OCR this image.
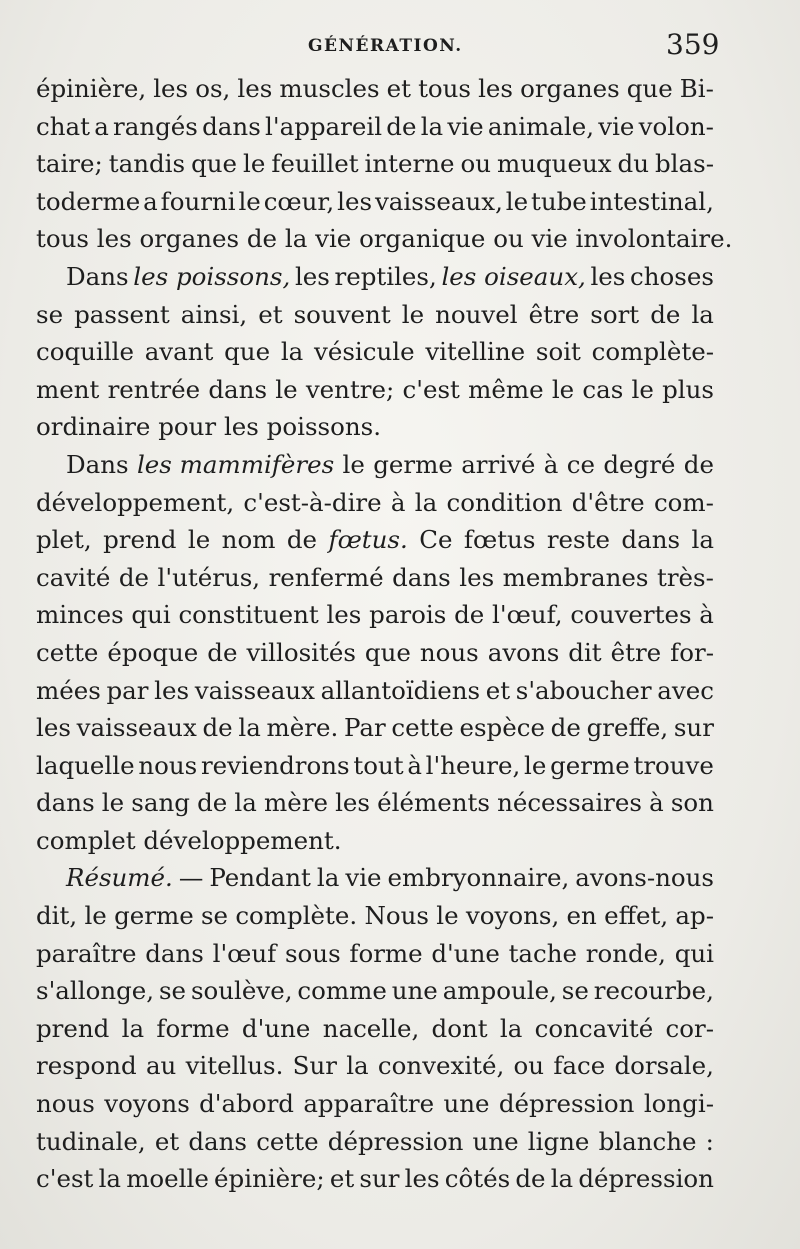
GÉNÉRATION.	359
épinière, les os, les muscles et tous les organes que Bi-
chat a rangés dans l'appareil de la vie animale, vie volon-
taire; tandis que le feuillet interne ou muqueux du blas-
toderme a fourni le cœur, les vaisseaux, le tube intestinal,
tous
les
organes
de
la
vie
organique
ou
vie
involontaire.
Dans les poissons, les reptiles, les oiseaux, les choses
se passent ainsi, et souvent le nouvel être sort de la
coquille avant que la vésicule vitelline soit complète-
ment rentrée dans le ventre; c'est même le cas le plus
ordinaire
pour
les
poissons.
Dans les mammifères le germe arrivé à ce degré de
développement, c'est-à-dire à la condition d'être com-
plet, prend le nom de fœtus. Ce fœtus reste dans la
cavité de l'utérus, renfermé dans les membranes très-
minces qui constituent les parois de l'œuf, couvertes à
cette époque de villosités que nous avons dit être for-
mées par les vaisseaux allantoïdiens et s'aboucher avec
les vaisseaux de la mère. Par cette espèce de greffe, sur
laquelle nous reviendrons tout à l'heure, le germe trouve
dans le sang de la mère les éléments nécessaires à son
complet
développement.
Résumé. — Pendant la vie embryonnaire, avons-nous
dit, le germe se complète. Nous le voyons, en effet, ap-
paraître dans l'œuf sous forme d'une tache ronde, qui
s'allonge, se soulève, comme une ampoule, se recourbe,
prend la forme d'une nacelle, dont la concavité cor-
respond au vitellus. Sur la convexité, ou face dorsale,
nous voyons d'abord apparaître une dépression longi-
tudinale, et dans cette dépression une ligne blanche :
c'est la moelle épinière; et sur les côtés de la dépression
